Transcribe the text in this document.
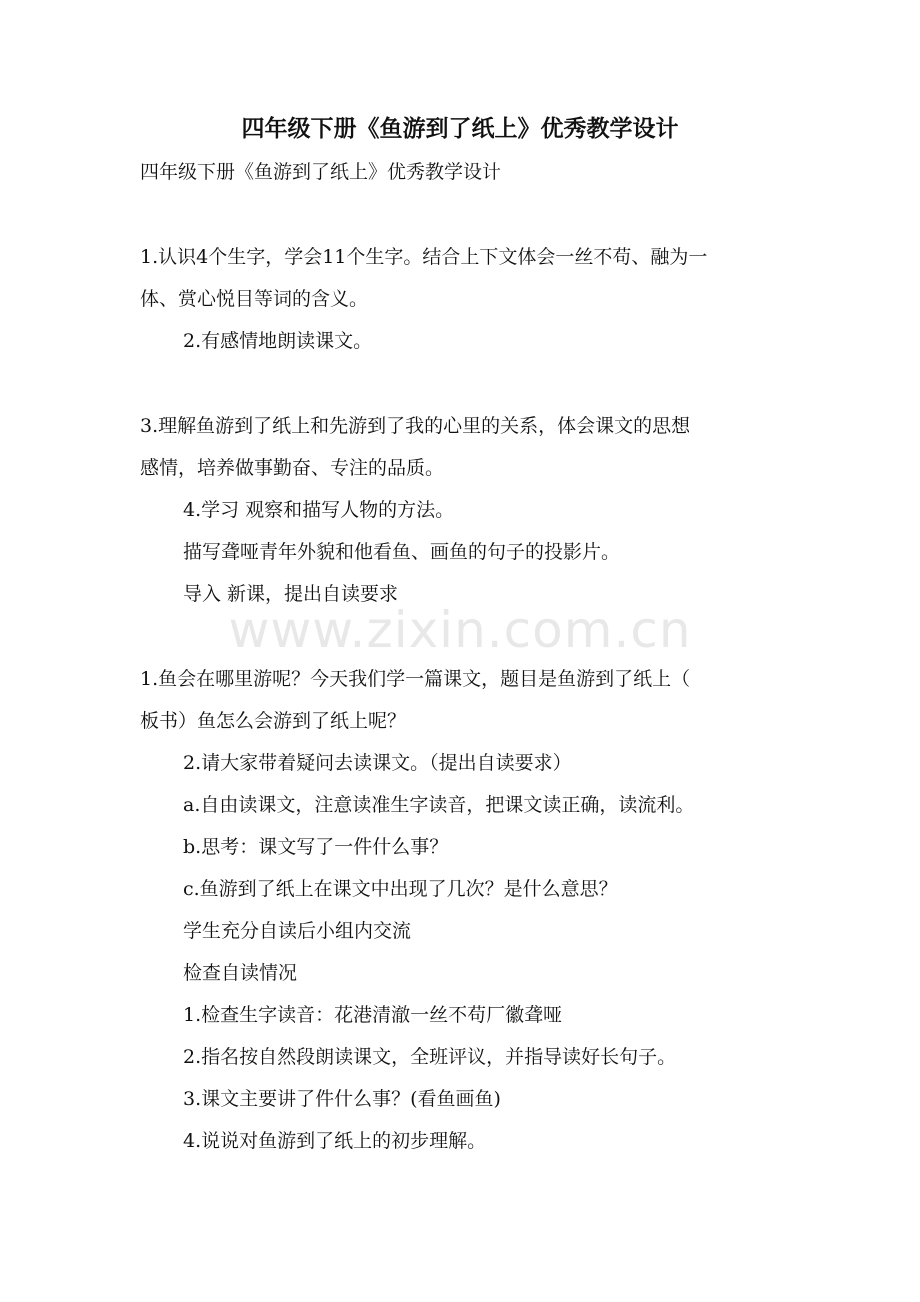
四年级下册《鱼游到了纸上》优秀教学设计

四年级下册《鱼游到了纸上》优秀教学设计

1.认识4个生字，学会11个生字。结合上下文体会一丝不苟、融为一

体、赏心悦目等词的含义。

2.有感情地朗读课文。

3.理解鱼游到了纸上和先游到了我的心里的关系，体会课文的思想

感情，培养做事勤奋、专注的品质。

4.学习 观察和描写人物的方法。

描写聋哑青年外貌和他看鱼、画鱼的句子的投影片。

导入 新课，提出自读要求

1.鱼会在哪里游呢？今天我们学一篇课文，题目是鱼游到了纸上（

板书）鱼怎么会游到了纸上呢？

2.请大家带着疑问去读课文。（提出自读要求）

a.自由读课文，注意读准生字读音，把课文读正确，读流利。

b.思考：课文写了一件什么事？

c.鱼游到了纸上在课文中出现了几次？是什么意思？

学生充分自读后小组内交流

检查自读情况

1.检查生字读音：花港清澈一丝不苟厂徽聋哑

2.指名按自然段朗读课文，全班评议，并指导读好长句子。

3.课文主要讲了件什么事？(看鱼画鱼)

4.说说对鱼游到了纸上的初步理解。

www.zixin.com.cn
